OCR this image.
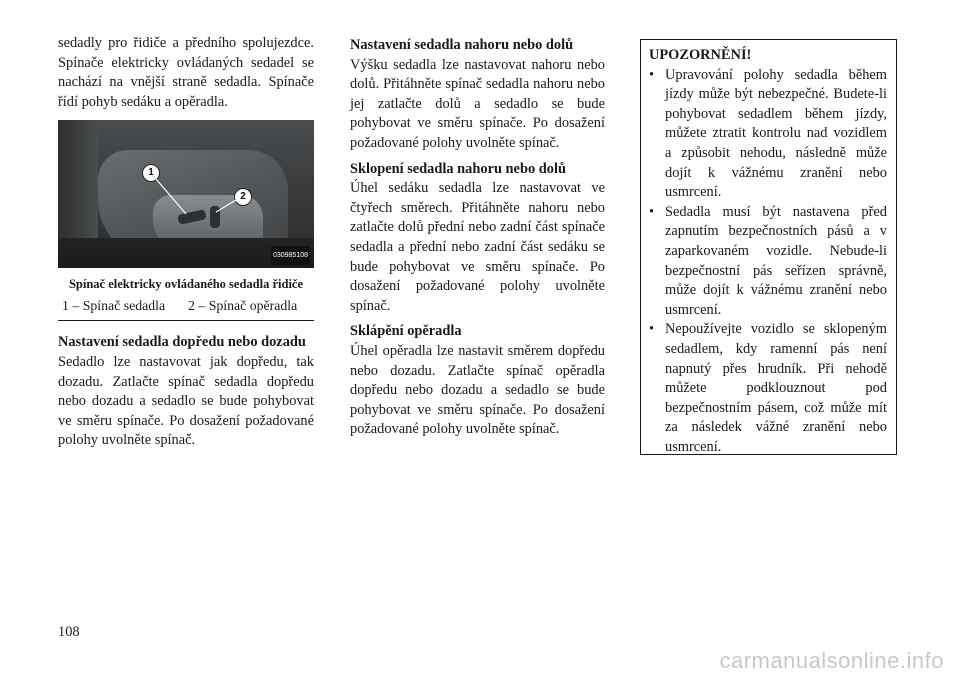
sedadly pro řidiče a předního spolujezdce. Spínače elektricky ovládaných sedadel se nachází na vnější straně sedadla. Spínače řídí pohyb sedáku a opěradla.

1
2
030985108
Spínač elektricky ovládaného sedadla řidiče
1 – Spínač sedadla	2 – Spínač opěradla

Nastavení sedadla dopředu nebo dozadu

Sedadlo lze nastavovat jak dopředu, tak dozadu. Zatlačte spínač sedadla dopředu nebo dozadu a sedadlo se bude pohybovat ve směru spínače. Po dosažení požadované polohy uvolněte spínač.

Nastavení sedadla nahoru nebo dolů

Výšku sedadla lze nastavovat nahoru nebo dolů. Přitáhněte spínač sedadla nahoru nebo jej zatlačte dolů a sedadlo se bude pohybovat ve směru spínače. Po dosažení požadované polohy uvolněte spínač.

Sklopení sedadla nahoru nebo dolů

Úhel sedáku sedadla lze nastavovat ve čtyřech směrech. Přitáhněte nahoru nebo zatlačte dolů přední nebo zadní část spínače sedadla a přední nebo zadní část sedáku se bude pohybovat ve směru spínače. Po dosažení požadované polohy uvolněte spínač.

Sklápění opěradla

Úhel opěradla lze nastavit směrem dopředu nebo dozadu. Zatlačte spínač opěradla dopředu nebo dozadu a sedadlo se bude pohybovat ve směru spínače. Po dosažení požadované polohy uvolněte spínač.

UPOZORNĚNÍ!

• Upravování polohy sedadla během jízdy může být nebezpečné. Budete-li pohybovat sedadlem během jízdy, můžete ztratit kontrolu nad vozidlem a způsobit nehodu, následně může dojít k vážnému zranění nebo usmrcení.
• Sedadla musí být nastavena před zapnutím bezpečnostních pásů a v zaparkovaném vozidle. Nebude-li bezpečnostní pás seřízen správně, může dojít k vážnému zranění nebo usmrcení.
• Nepoužívejte vozidlo se sklopeným sedadlem, kdy ramenní pás není napnutý přes hrudník. Při nehodě můžete podklouznout pod bezpečnostním pásem, což může mít za následek vážné zranění nebo usmrcení.
108
carmanualsonline.info
